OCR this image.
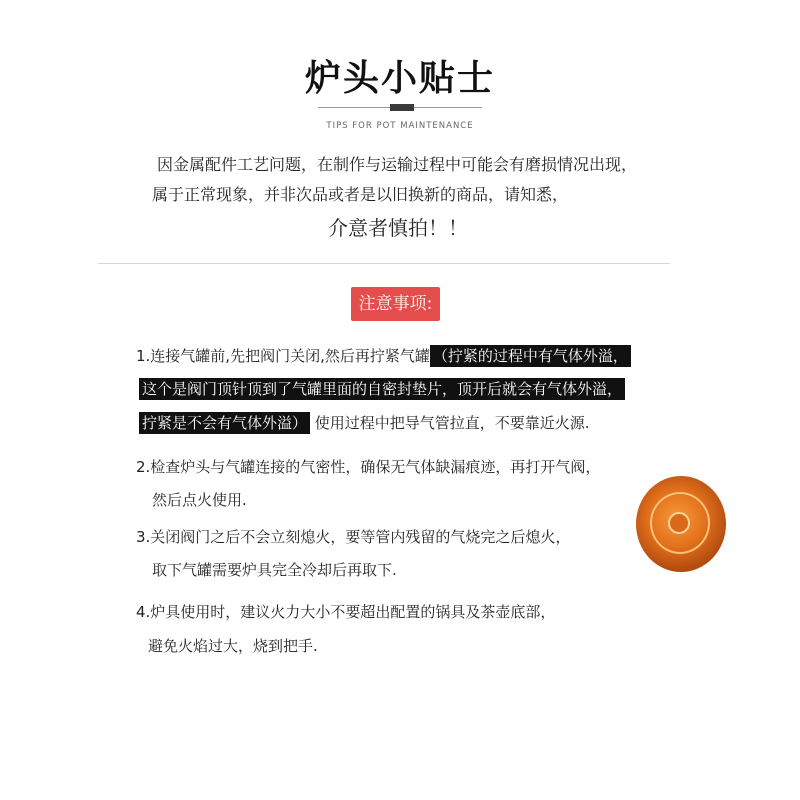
炉头小贴士
TIPS FOR POT MAINTENANCE
因金属配件工艺问题，在制作与运输过程中可能会有磨损情况出现，
属于正常现象，并非次品或者是以旧换新的商品，请知悉，
介意者慎拍！！
注意事项:
1.连接气罐前,先把阀门关闭,然后再拧紧气罐 （拧紧的过程中有气体外溢，
这个是阀门顶针顶到了气罐里面的自密封垫片，顶开后就会有气体外溢，
拧紧是不会有气体外溢） 使用过程中把导气管拉直，不要靠近火源.
2.检查炉头与气罐连接的气密性，确保无气体缺漏痕迹，再打开气阀，
然后点火使用.
3.关闭阀门之后不会立刻熄火，要等管内残留的气烧完之后熄火，
取下气罐需要炉具完全冷却后再取下.
4.炉具使用时，建议火力大小不要超出配置的锅具及茶壶底部，
避免火焰过大，烧到把手.
